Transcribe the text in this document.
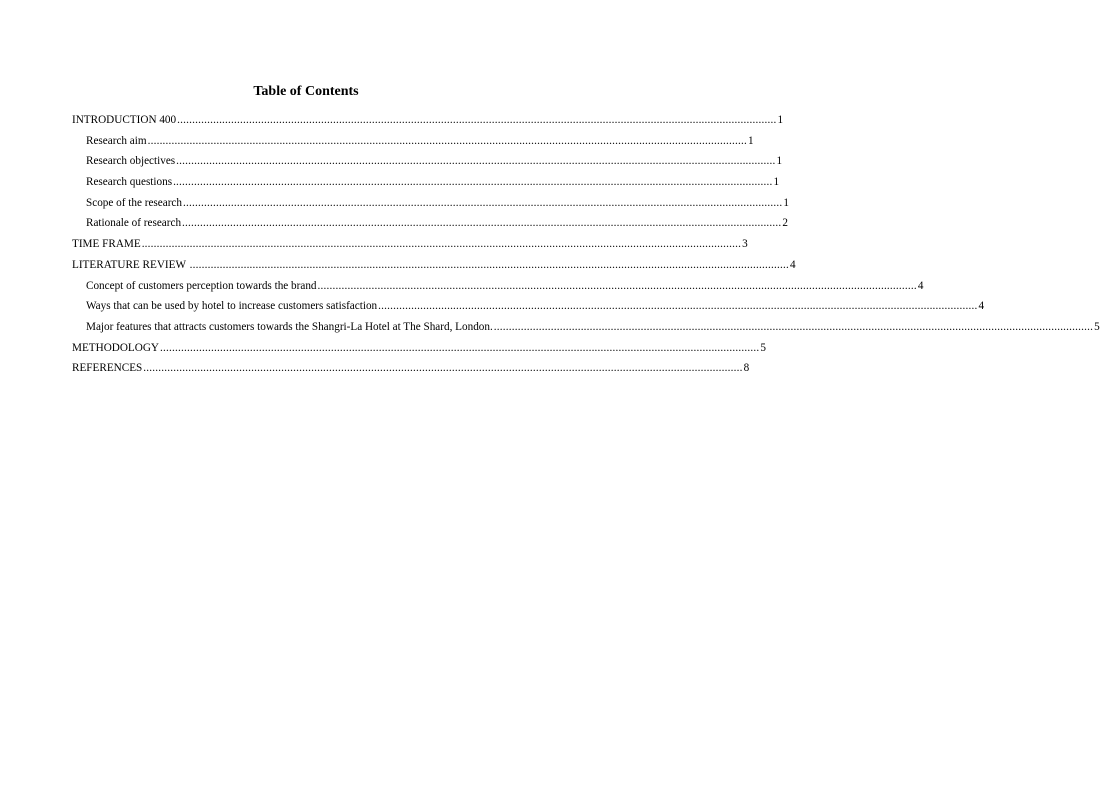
Table of Contents
INTRODUCTION 400 ........................................................................................................................................................................................................ 1
Research aim ........................................................................................................................................................................................................ 1
Research objectives ........................................................................................................................................................................................................ 1
Research questions ........................................................................................................................................................................................................ 1
Scope of the research ........................................................................................................................................................................................................ 1
Rationale of research ........................................................................................................................................................................................................ 2
TIME FRAME ........................................................................................................................................................................................................ 3
LITERATURE REVIEW ........................................................................................................................................................................................................ 4
Concept of customers perception towards the brand ........................................................................................................................................................................................................ 4
Ways that can be used by hotel to increase customers satisfaction ........................................................................................................................................................................................................ 4
Major features that attracts customers towards the Shangri-La Hotel at The Shard, London. ........................................................................................................................................................................................................ 5
METHODOLOGY ........................................................................................................................................................................................................ 5
REFERENCES ........................................................................................................................................................................................................ 8
